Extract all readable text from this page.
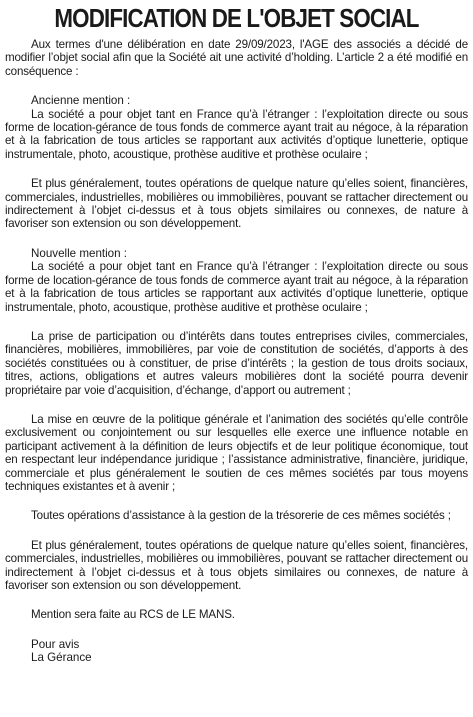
MODIFICATION DE L'OBJET SOCIAL

Aux termes d'une délibération en date 29/09/2023, l'AGE des associés a décidé de modifier l’objet social afin que la Société ait une activité d’holding. L’article 2 a été modifié en conséquence :

Ancienne mention :

La société a pour objet tant en France qu’à l’étranger : l’exploitation directe ou sous forme de location-gérance de tous fonds de commerce ayant trait au négoce, à la réparation et à la fabrication de tous articles se rapportant aux activités d’optique lunetterie, optique instrumentale, photo, acoustique, prothèse auditive et prothèse oculaire ;

Et plus généralement, toutes opérations de quelque nature qu’elles soient, financières, commerciales, industrielles, mobilières ou immobilières, pouvant se rattacher directement ou indirectement à l’objet ci-dessus et à tous objets similaires ou connexes, de nature à favoriser son extension ou son développement.

Nouvelle mention :

La société a pour objet tant en France qu’à l’étranger : l’exploitation directe ou sous forme de location-gérance de tous fonds de commerce ayant trait au négoce, à la réparation et à la fabrication de tous articles se rapportant aux activités d’optique lunetterie, optique instrumentale, photo, acoustique, prothèse auditive et prothèse oculaire ;

La prise de participation ou d’intérêts dans toutes entreprises civiles, commerciales, financières, mobilières, immobilières, par voie de constitution de sociétés, d’apports à des sociétés constituées ou à constituer, de prise d’intérêts ; la gestion de tous droits sociaux, titres, actions, obligations et autres valeurs mobilières dont la société pourra devenir propriétaire par voie d’acquisition, d’échange, d’apport ou autrement ;

La mise en œuvre de la politique générale et l’animation des sociétés qu’elle contrôle exclusivement ou conjointement ou sur lesquelles elle exerce une influence notable en participant activement à la définition de leurs objectifs et de leur politique économique, tout en respectant leur indépendance juridique ; l’assistance administrative, financière, juridique, commerciale et plus généralement le soutien de ces mêmes sociétés par tous moyens techniques existantes et à avenir ;

Toutes opérations d’assistance à la gestion de la trésorerie de ces mêmes sociétés ;

Et plus généralement, toutes opérations de quelque nature qu’elles soient, financières, commerciales, industrielles, mobilières ou immobilières, pouvant se rattacher directement ou indirectement à l’objet ci-dessus et à tous objets similaires ou connexes, de nature à favoriser son extension ou son développement.

Mention sera faite au RCS de LE MANS.

Pour avis
La Gérance
